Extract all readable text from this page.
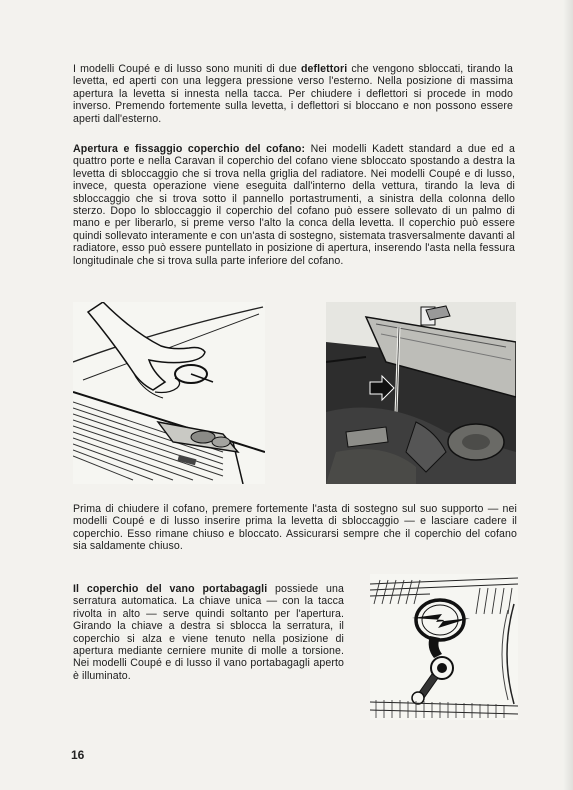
I modelli Coupé e di lusso sono muniti di due deflettori che vengono sbloccati, tirando la levetta, ed aperti con una leggera pressione verso l'esterno. Nella posizione di massima apertura la levetta si innesta nella tacca. Per chiudere i deflettori si procede in modo inverso. Premendo fortemente sulla levetta, i deflettori si bloccano e non possono essere aperti dall'esterno.

Apertura e fissaggio coperchio del cofano: Nei modelli Kadett standard a due ed a quattro porte e nella Caravan il coperchio del cofano viene sbloccato spostando a destra la levetta di sbloccaggio che si trova nella griglia del radiatore. Nei modelli Coupé e di lusso, invece, questa operazione viene eseguita dall'interno della vettura, tirando la leva di sbloccaggio che si trova sotto il pannello portastrumenti, a sinistra della colonna dello sterzo. Dopo lo sbloccaggio il coperchio del cofano può essere sollevato di un palmo di mano e per liberarlo, si preme verso l'alto la conca della levetta. Il coperchio può essere quindi sollevato interamente e con un'asta di sostegno, sistemata trasversalmente davanti al radiatore, esso può essere puntellato in posizione di apertura, inserendo l'asta nella fessura longitudinale che si trova sulla parte inferiore del cofano.

Prima di chiudere il cofano, premere fortemente l'asta di sostegno sul suo supporto — nei modelli Coupé e di lusso inserire prima la levetta di sbloccaggio — e lasciare cadere il coperchio. Esso rimane chiuso e bloccato. Assicurarsi sempre che il coperchio del cofano sia saldamente chiuso.

Il coperchio del vano portabagagli possiede una serratura automatica. La chiave unica — con la tacca rivolta in alto — serve quindi soltanto per l'apertura. Girando la chiave a destra si sblocca la serratura, il coperchio si alza e viene tenuto nella posizione di apertura mediante cerniere munite di molle a torsione. Nei modelli Coupé e di lusso il vano portabagagli aperto è illuminato.

16
